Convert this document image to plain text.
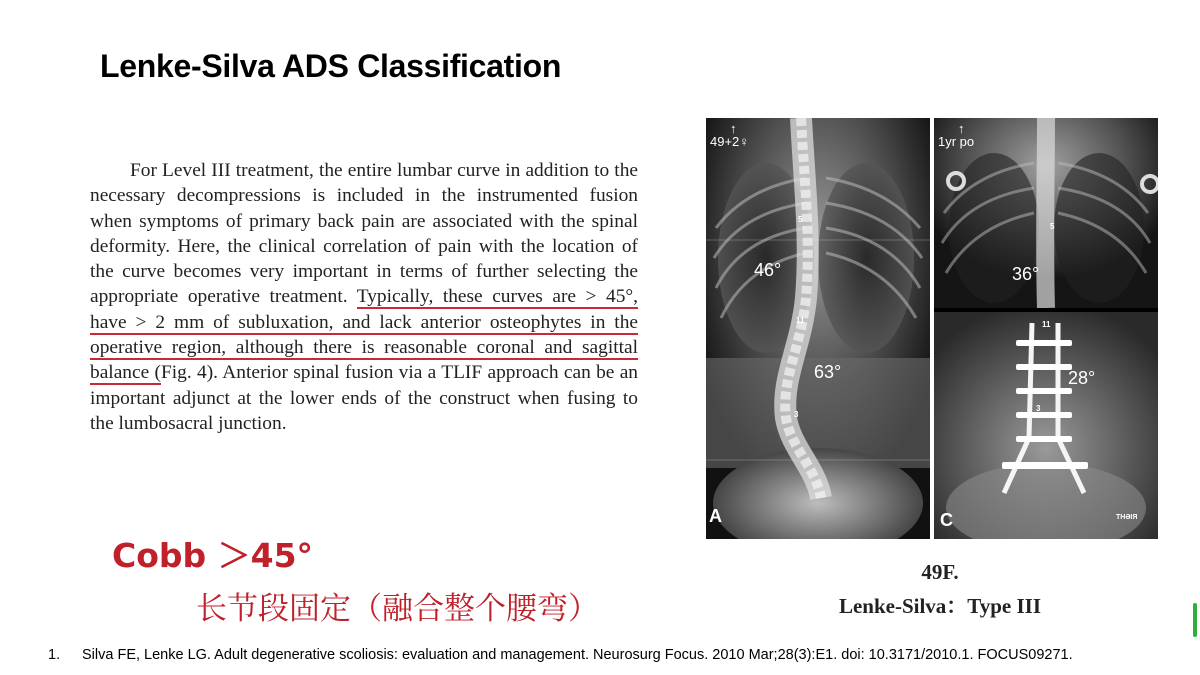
Lenke-Silva ADS Classification

For Level III treatment, the entire lumbar curve in addition to the necessary decompressions is included in the instrumented fusion when symptoms of primary back pain are associated with the spinal deformity. Here, the clinical correlation of pain with the location of the curve becomes very important in terms of further selecting the appropriate operative treatment. Typically, these curves are > 45°, have > 2 mm of subluxation, and lack anterior osteophytes in the operative region, although there is reasonable coronal and sagittal balance (Fig. 4). Anterior spinal fusion via a TLIF approach can be an important adjunct at the lower ends of the construct when fusing to the lumbosacral junction.

Cobb ＞45°
长节段固定（融合整个腰弯）
↑
49+2♀
46°
63°
5
11
3
A
↑
1yr po
36°
28°
5
11
3
THƏIЯ
C
49F.
Lenke-Silva：Type III
1. Silva FE, Lenke LG. Adult degenerative scoliosis: evaluation and management. Neurosurg Focus. 2010 Mar;28(3):E1. doi: 10.3171/2010.1. FOCUS09271.
